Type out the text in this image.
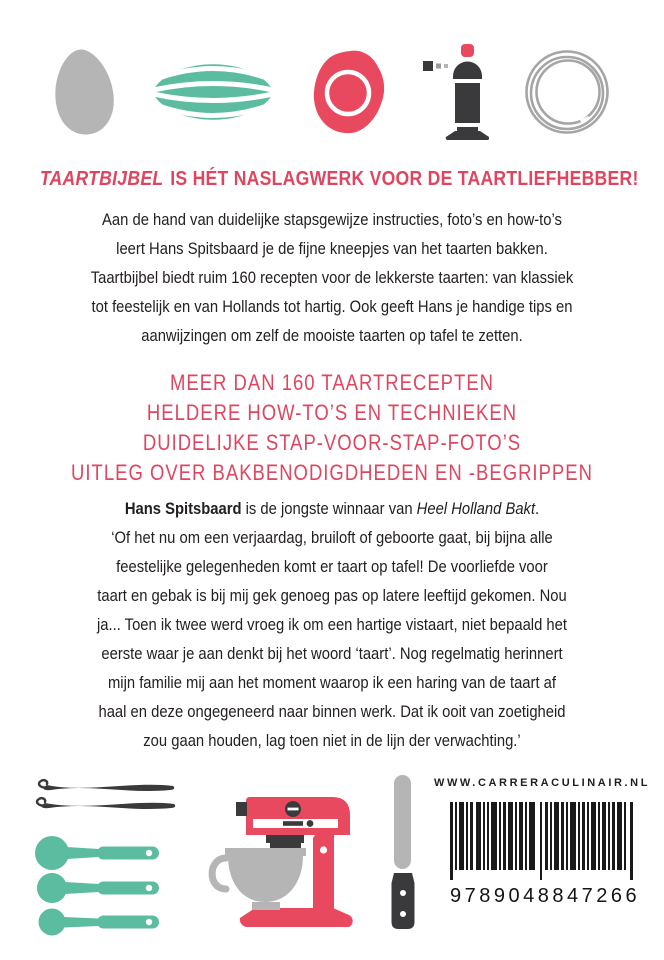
TAARTBIJBEL IS HÉT NASLAGWERK VOOR DE TAARTLIEFHEBBER!
Aan de hand van duidelijke stapsgewijze instructies, foto’s en how-to’s
leert Hans Spitsbaard je de fijne kneepjes van het taarten bakken.
Taartbijbel biedt ruim 160 recepten voor de lekkerste taarten: van klassiek
tot feestelijk en van Hollands tot hartig. Ook geeft Hans je handige tips en
aanwijzingen om zelf de mooiste taarten op tafel te zetten.
MEER DAN 160 TAARTRECEPTEN
HELDERE HOW-TO’S EN TECHNIEKEN
DUIDELIJKE STAP-VOOR-STAP-FOTO’S
UITLEG OVER BAKBENODIGDHEDEN EN -BEGRIPPEN
Hans Spitsbaard is de jongste winnaar van Heel Holland Bakt.
‘Of het nu om een verjaardag, bruiloft of geboorte gaat, bij bijna alle
feestelijke gelegenheden komt er taart op tafel! De voorliefde voor
taart en gebak is bij mij gek genoeg pas op latere leeftijd gekomen. Nou
ja... Toen ik twee werd vroeg ik om een hartige vistaart, niet bepaald het
eerste waar je aan denkt bij het woord ‘taart’. Nog regelmatig herinnert
mijn familie mij aan het moment waarop ik een haring van de taart af
haal en deze ongegeneerd naar binnen werk. Dat ik ooit van zoetigheid
zou gaan houden, lag toen niet in de lijn der verwachting.’
WWW.CARRERACULINAIR.NL
9 789048 847266
